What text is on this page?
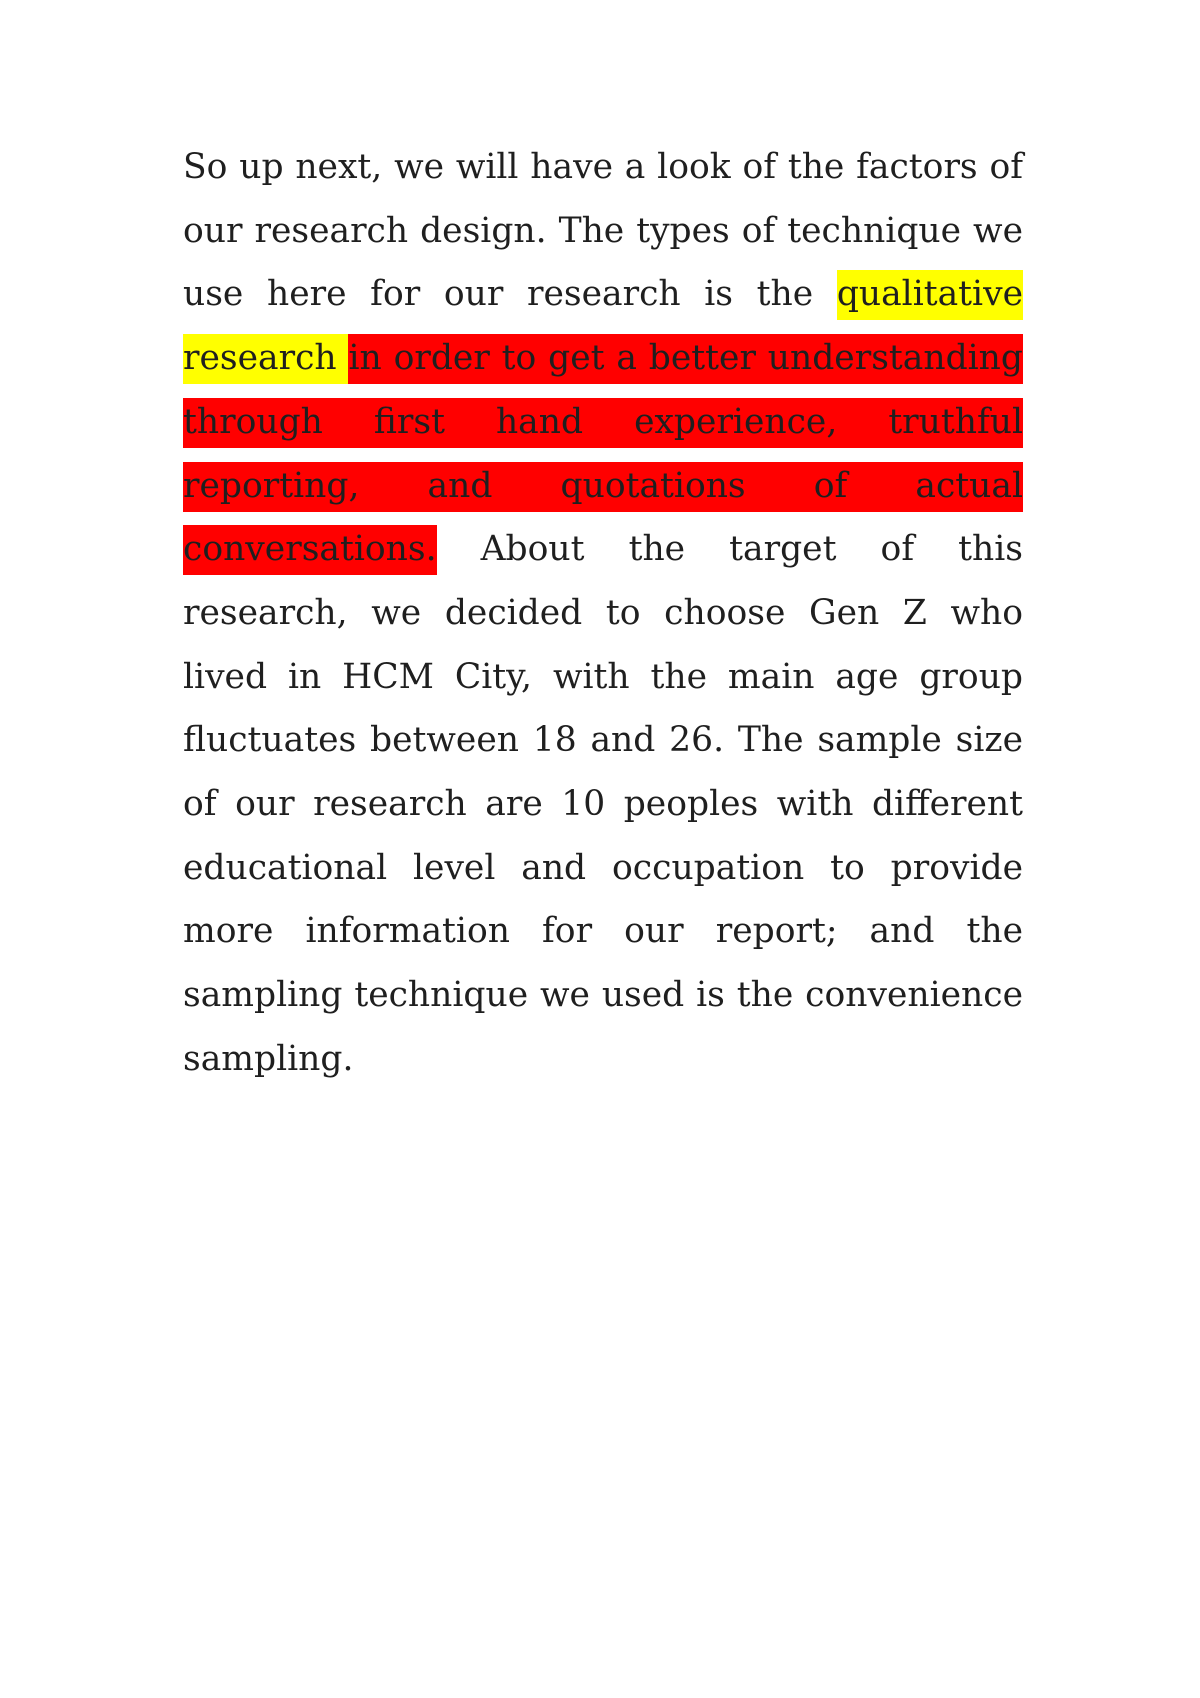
So up next, we will have a look of the factors of our research design. The types of technique we use here for our research is the qualitative research in order to get a better understanding through first hand experience, truthful reporting, and quotations of actual conversations. About the target of this research, we decided to choose Gen Z who lived in HCM City, with the main age group fluctuates between 18 and 26. The sample size of our research are 10 peoples with different educational level and occupation to provide more information for our report; and the sampling technique we used is the convenience sampling.
